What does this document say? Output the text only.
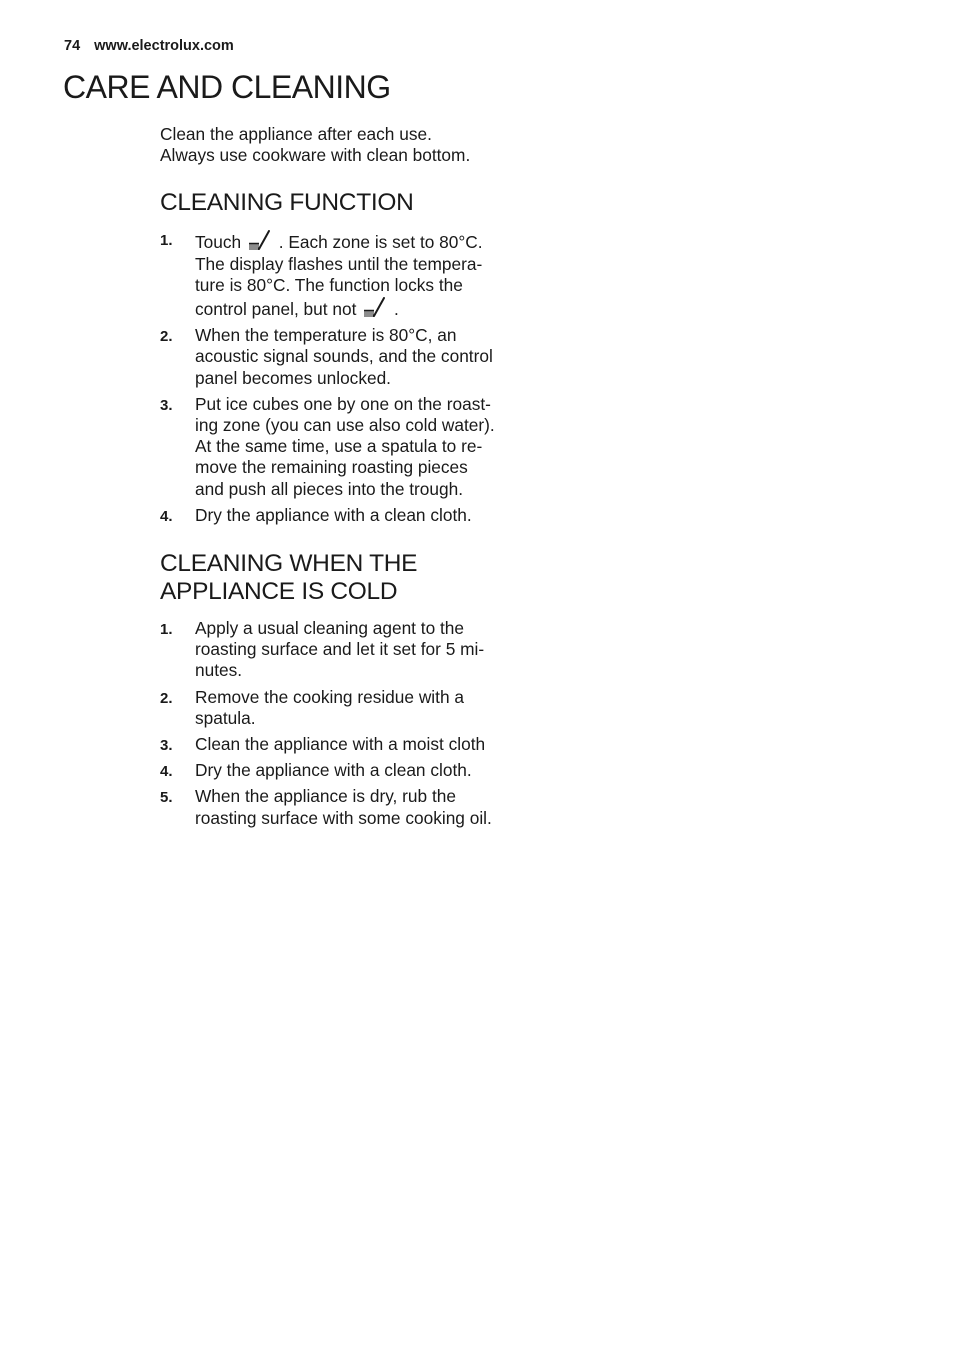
74 www.electrolux.com
CARE AND CLEANING

Clean the appliance after each use.

Always use cookware with clean bottom.

CLEANING FUNCTION
1. Touch . Each zone is set to 80°C.
The display flashes until the tempera-
ture is 80°C. The function locks the
control panel, but not .
2. When the temperature is 80°C, an
acoustic signal sounds, and the control
panel becomes unlocked.
3. Put ice cubes one by one on the roast-
ing zone (you can use also cold water).
At the same time, use a spatula to re-
move the remaining roasting pieces
and push all pieces into the trough.
4. Dry the appliance with a clean cloth.
CLEANING WHEN THE
APPLIANCE IS COLD
1. Apply a usual cleaning agent to the
roasting surface and let it set for 5 mi-
nutes.
2. Remove the cooking residue with a
spatula.
3. Clean the appliance with a moist cloth
4. Dry the appliance with a clean cloth.
5. When the appliance is dry, rub the
roasting surface with some cooking oil.
